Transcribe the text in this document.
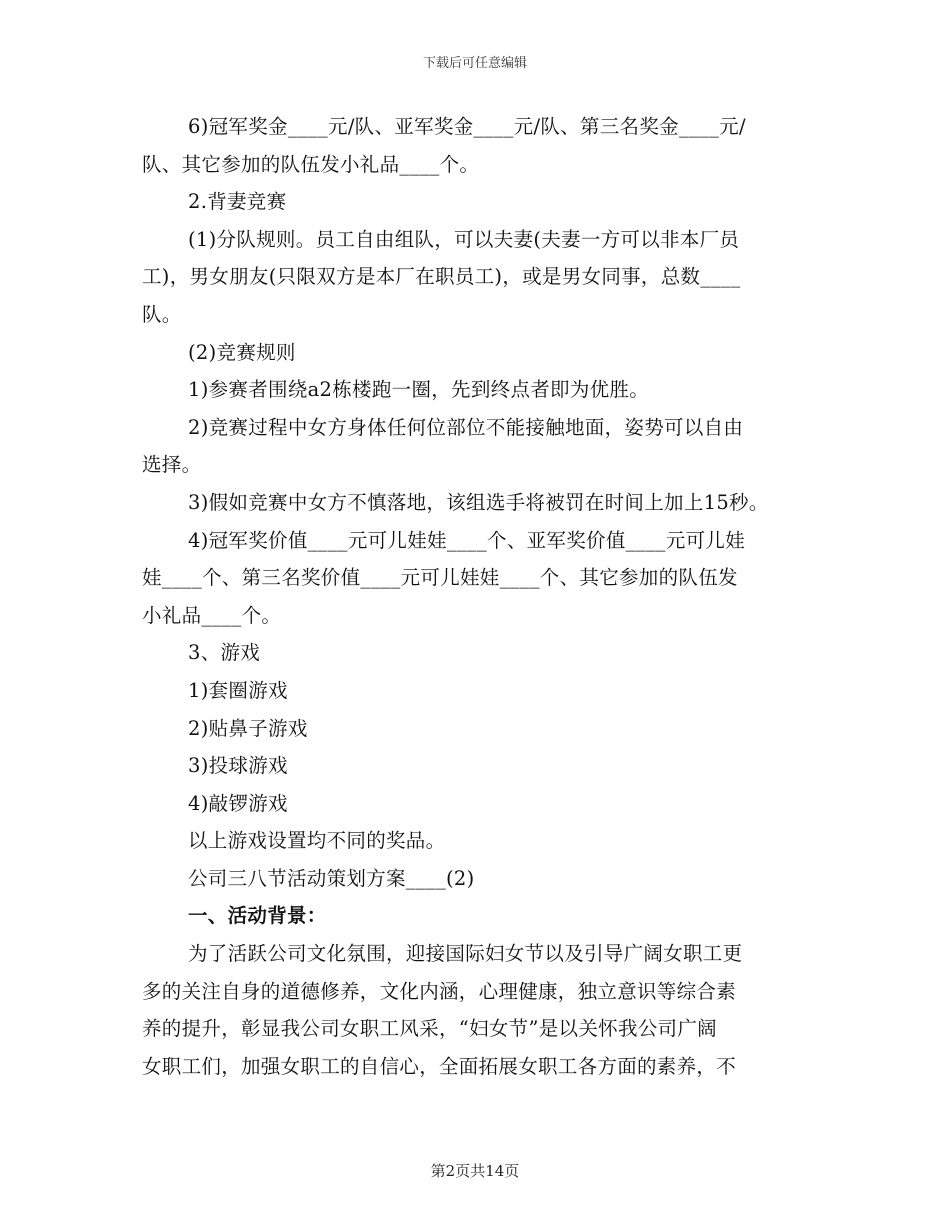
下载后可任意编辑
6)冠军奖金____元/队、亚军奖金____元/队、第三名奖金____元/
队、其它参加的队伍发小礼品____个。
2.背妻竞赛
(1)分队规则。员工自由组队，可以夫妻(夫妻一方可以非本厂员
工)，男女朋友(只限双方是本厂在职员工)，或是男女同事，总数____
队。
(2)竞赛规则
1)参赛者围绕a2栋楼跑一圈，先到终点者即为优胜。
2)竞赛过程中女方身体任何位部位不能接触地面，姿势可以自由
选择。
3)假如竞赛中女方不慎落地，该组选手将被罚在时间上加上15秒。
4)冠军奖价值____元可儿娃娃____个、亚军奖价值____元可儿娃
娃____个、第三名奖价值____元可儿娃娃____个、其它参加的队伍发
小礼品____个。
3、游戏
1)套圈游戏
2)贴鼻子游戏
3)投球游戏
4)敲锣游戏
以上游戏设置均不同的奖品。
公司三八节活动策划方案____(2)
一、活动背景：
为了活跃公司文化氛围，迎接国际妇女节以及引导广阔女职工更
多的关注自身的道德修养，文化内涵，心理健康，独立意识等综合素
养的提升，彰显我公司女职工风采，“妇女节”是以关怀我公司广阔
女职工们，加强女职工的自信心，全面拓展女职工各方面的素养，不
第2页共14页
